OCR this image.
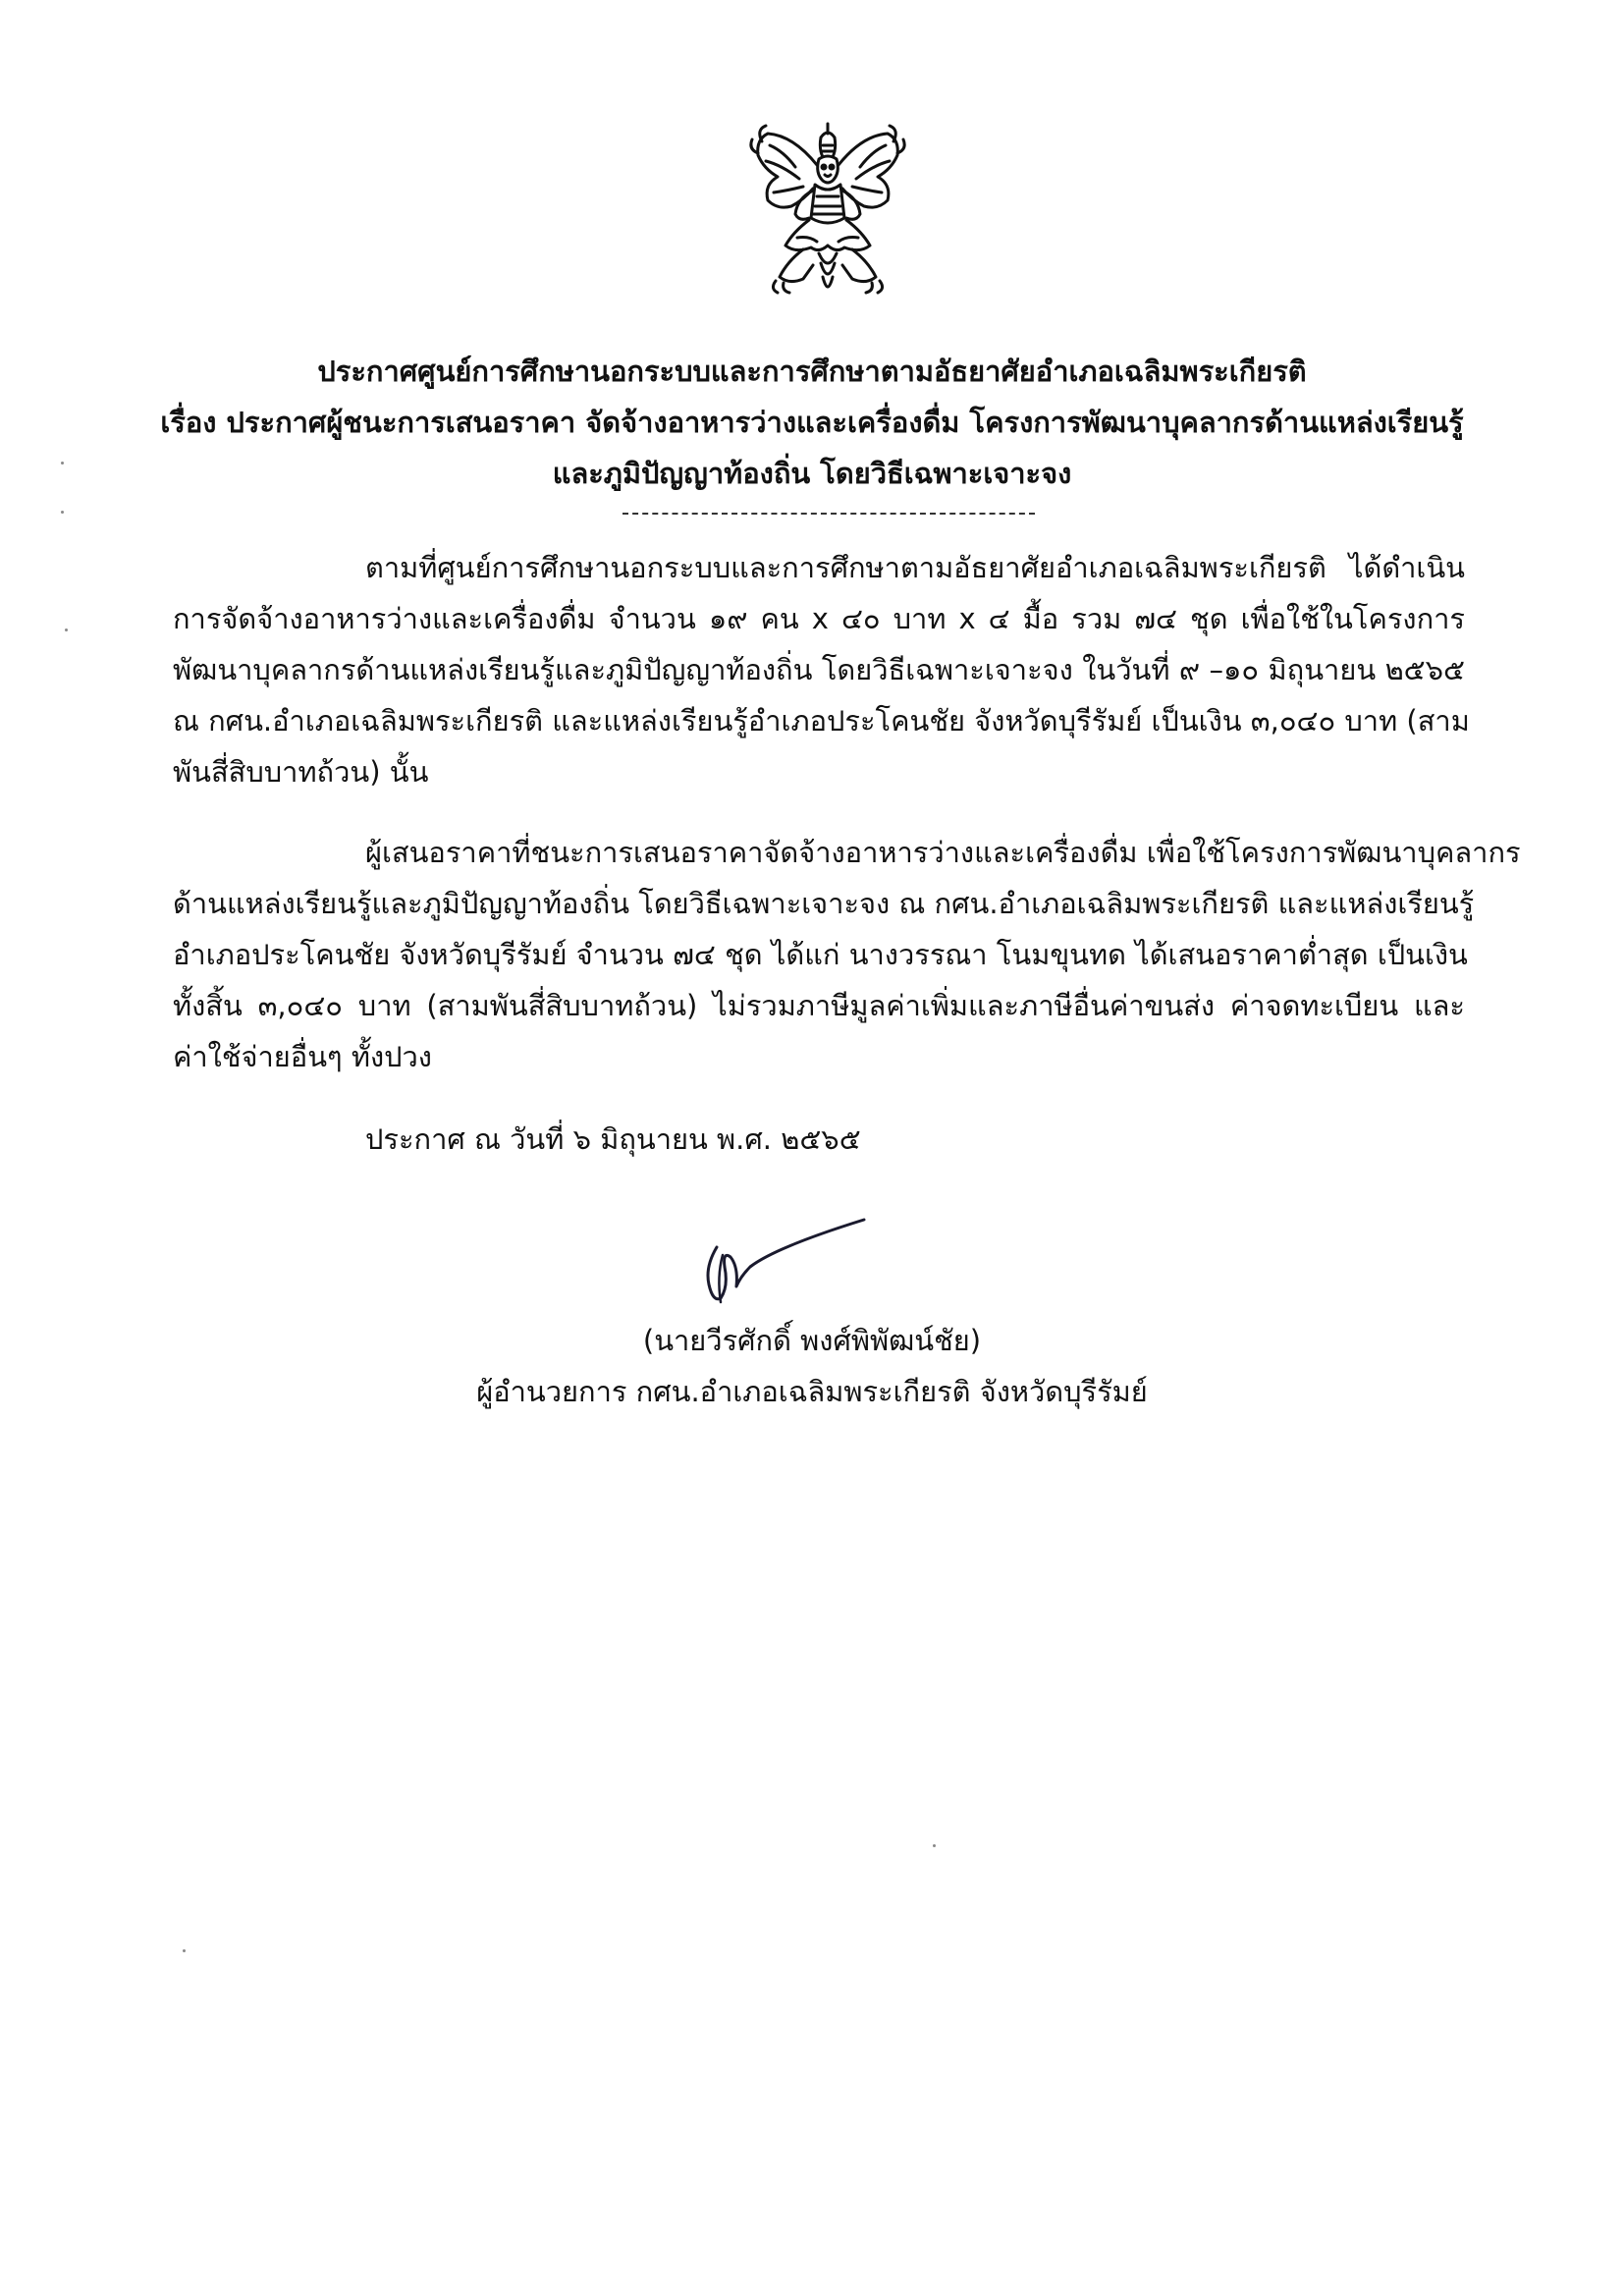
ประกาศศูนย์การศึกษานอกระบบและการศึกษาตามอัธยาศัยอำเภอเฉลิมพระเกียรติ
เรื่อง ประกาศผู้ชนะการเสนอราคา จัดจ้างอาหารว่างและเครื่องดื่ม โครงการพัฒนาบุคลากรด้านแหล่งเรียนรู้
และภูมิปัญญาท้องถิ่น โดยวิธีเฉพาะเจาะจง
ตามที่ศูนย์การศึกษานอกระบบและการศึกษาตามอัธยาศัยอำเภอเฉลิมพระเกียรติ ได้ดำเนิน
การจัดจ้างอาหารว่างและเครื่องดื่ม จำนวน ๑๙ คน x ๔๐ บาท x ๔ มื้อ รวม ๗๔ ชุด เพื่อใช้ในโครงการ
พัฒนาบุคลากรด้านแหล่งเรียนรู้และภูมิปัญญาท้องถิ่น โดยวิธีเฉพาะเจาะจง ในวันที่ ๙ –๑๐ มิถุนายน ๒๕๖๕
ณ กศน.อำเภอเฉลิมพระเกียรติ และแหล่งเรียนรู้อำเภอประโคนชัย จังหวัดบุรีรัมย์ เป็นเงิน ๓,๐๔๐ บาท (สาม
พันสี่สิบบาทถ้วน) นั้น
ผู้เสนอราคาที่ชนะการเสนอราคาจัดจ้างอาหารว่างและเครื่องดื่ม เพื่อใช้โครงการพัฒนาบุคลากร
ด้านแหล่งเรียนรู้และภูมิปัญญาท้องถิ่น โดยวิธีเฉพาะเจาะจง ณ กศน.อำเภอเฉลิมพระเกียรติ และแหล่งเรียนรู้
อำเภอประโคนชัย จังหวัดบุรีรัมย์ จำนวน ๗๔ ชุด ได้แก่ นางวรรณา โนมขุนทด ได้เสนอราคาต่ำสุด เป็นเงิน
ทั้งสิ้น ๓,๐๔๐ บาท (สามพันสี่สิบบาทถ้วน) ไม่รวมภาษีมูลค่าเพิ่มและภาษีอื่นค่าขนส่ง ค่าจดทะเบียน และ
ค่าใช้จ่ายอื่นๆ ทั้งปวง
ประกาศ ณ วันที่ ๖ มิถุนายน พ.ศ. ๒๕๖๕
(นายวีรศักดิ์ พงศ์พิพัฒน์ชัย)
ผู้อำนวยการ กศน.อำเภอเฉลิมพระเกียรติ จังหวัดบุรีรัมย์
